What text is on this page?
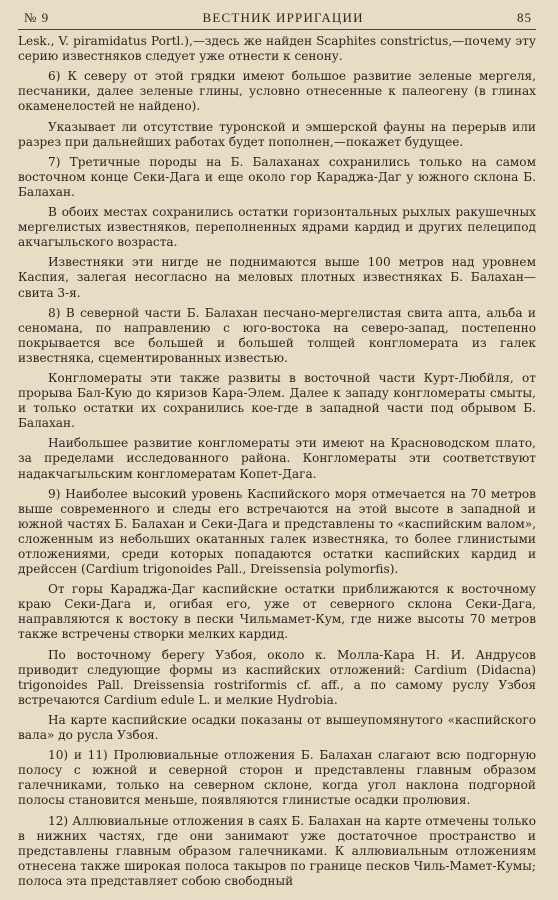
№ 9	ВЕСТНИК ИРРИГАЦИИ	85

Lesk., V. piramidatus Portl.),—здесь же найден Scaphites constrictus,—почему эту серию известняков следует уже отнести к сенону.

6) К северу от этой грядки имеют большое развитие зеленые мергеля, песчаники, далее зеленые глины, условно отнесенные к палеогену (в глинах окаменелостей не найдено).

Указывает ли отсутствие туронской и эмшерской фауны на перерыв или разрез при дальнейших работах будет пополнен,—покажет будущее.

7) Третичные породы на Б. Балаханах сохранились только на самом восточном конце Секи-Дага и еще около гор Караджа-Даг у южного склона Б. Балахан.

В обоих местах сохранились остатки горизонтальных рыхлых ракушечных мергелистых известняков, переполненных ядрами кардид и других пелеципод акчагыльского возраста.

Известняки эти нигде не поднимаются выше 100 метров над уровнем Каспия, залегая несогласно на меловых плотных известняках Б. Балахан—свита 3-я.

8) В северной части Б. Балахан песчано-мергелистая свита апта, альба и сеномана, по направлению с юго-востока на северо-запад, постепенно покрывается все большей и большей толщей конгломерата из галек известняка, сцементированных известью.

Конгломераты эти также развиты в восточной части Курт-Любйля, от прорыва Бал-Кую до кяризов Кара-Элем. Далее к западу конгломераты смыты, и только остатки их сохранились кое-где в западной части под обрывом Б. Балахан.

Наибольшее развитие конгломераты эти имеют на Красноводском плато, за пределами исследованного района. Конгломераты эти соответствуют надакчагыльским конгломератам Копет-Дага.

9) Наиболее высокий уровень Каспийского моря отмечается на 70 метров выше современного и следы его встречаются на этой высоте в западной и южной частях Б. Балахан и Секи-Дага и представлены то «каспийским валом», сложенным из небольших окатанных галек известняка, то более глинистыми отложениями, среди которых попадаются остатки каспийских кардид и дрейссен (Cardium trigonoides Pall., Dreissensia polymorfis).

От горы Караджа-Даг каспийские остатки приближаются к восточному краю Секи-Дага и, огибая его, уже от северного склона Секи-Дага, направляются к востоку в пески Чильмамет-Кум, где ниже высоты 70 метров также встречены створки мелких кардид.

По восточному берегу Узбоя, около к. Молла-Кара Н. И. Андрусов приводит следующие формы из каспийских отложений: Cardium (Didacna) trigonoides Pall. Dreissensia rostriformis cf. aff., а по самому руслу Узбоя встречаются Cardium edule L. и мелкие Hydrobia.

На карте каспийские осадки показаны от вышеупомянутого «каспийского вала» до русла Узбоя.

10) и 11) Пролювиальные отложения Б. Балахан слагают всю подгорную полосу с южной и северной сторон и представлены главным образом галечниками, только на северном склоне, когда угол наклона подгорной полосы становится меньше, появляются глинистые осадки пролювия.

12) Аллювиальные отложения в саях Б. Балахан на карте отмечены только в нижних частях, где они занимают уже достаточное пространство и представлены главным образом галечниками. К аллювиальным отложениям отнесена также широкая полоса такыров по границе песков Чиль-Мамет-Кумы; полоса эта представляет собою свободный
